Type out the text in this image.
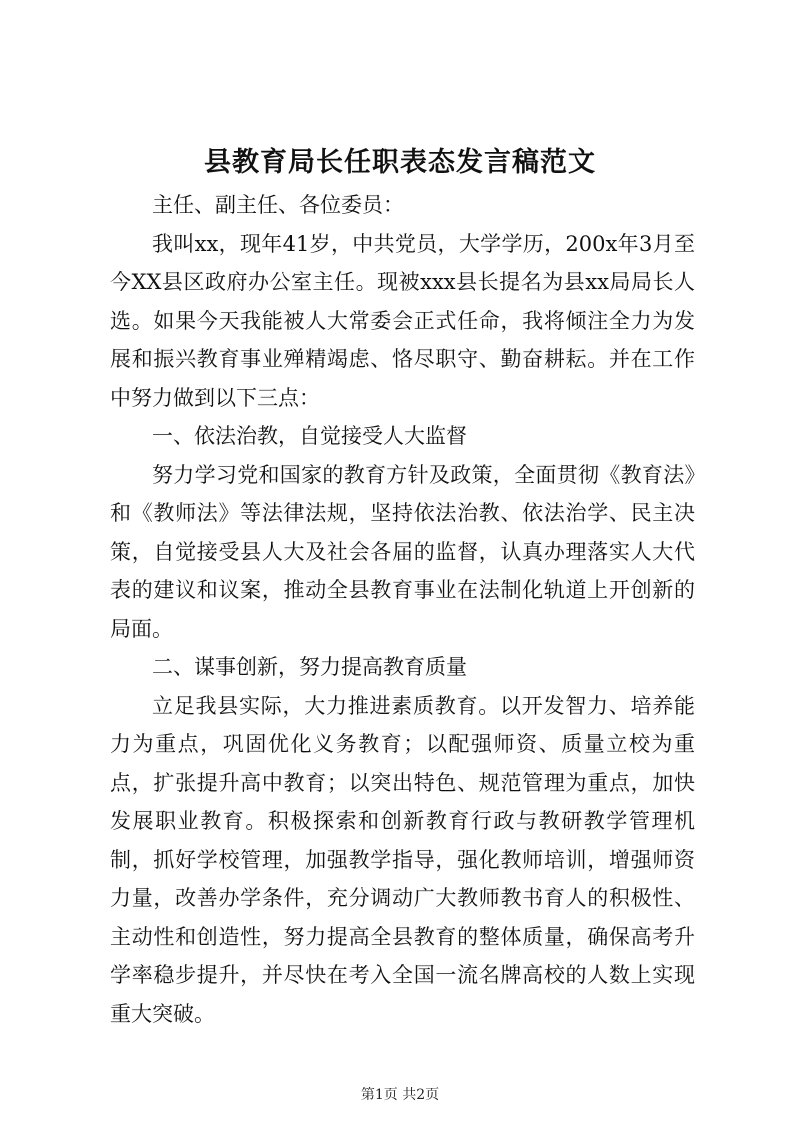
县教育局长任职表态发言稿范文

主任、副主任、各位委员：

我叫xx，现年41岁，中共党员，大学学历，200x年3月至今XX县区政府办公室主任。现被xxx县长提名为县xx局局长人选。如果今天我能被人大常委会正式任命，我将倾注全力为发展和振兴教育事业殚精竭虑、恪尽职守、勤奋耕耘。并在工作中努力做到以下三点：

一、依法治教，自觉接受人大监督

努力学习党和国家的教育方针及政策，全面贯彻《教育法》和《教师法》等法律法规，坚持依法治教、依法治学、民主决策，自觉接受县人大及社会各届的监督，认真办理落实人大代表的建议和议案，推动全县教育事业在法制化轨道上开创新的局面。

二、谋事创新，努力提高教育质量

立足我县实际，大力推进素质教育。以开发智力、培养能力为重点，巩固优化义务教育；以配强师资、质量立校为重点，扩张提升高中教育；以突出特色、规范管理为重点，加快发展职业教育。积极探索和创新教育行政与教研教学管理机制，抓好学校管理，加强教学指导，强化教师培训，增强师资力量，改善办学条件，充分调动广大教师教书育人的积极性、主动性和创造性，努力提高全县教育的整体质量，确保高考升学率稳步提升，并尽快在考入全国一流名牌高校的人数上实现重大突破。

第1页 共2页
